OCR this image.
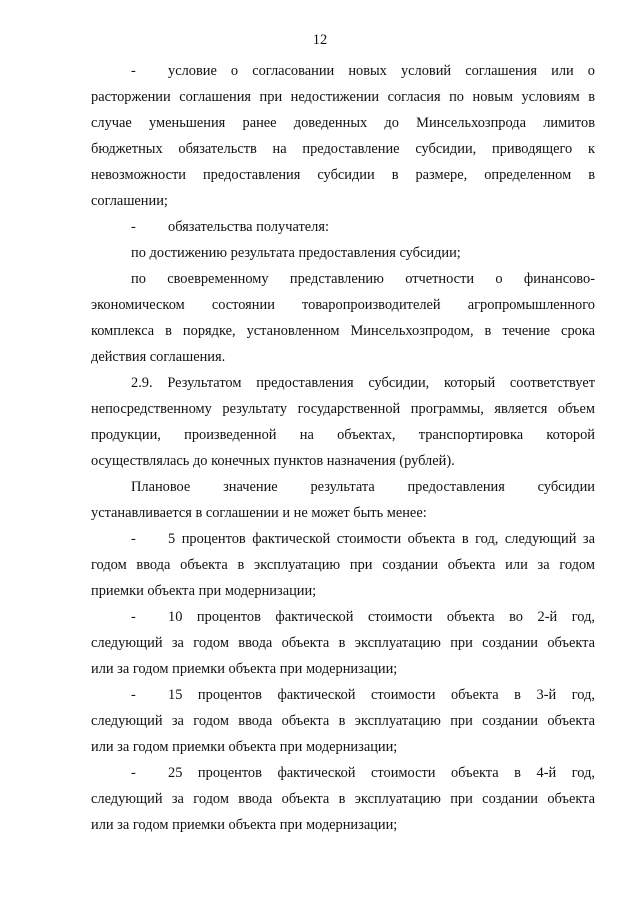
12
- условие о согласовании новых условий соглашения или о
расторжении соглашения при недостижении согласия по новым условиям в
случае уменьшения ранее доведенных до Минсельхозпрода лимитов
бюджетных обязательств на предоставление субсидии, приводящего к
невозможности предоставления субсидии в размере, определенном в
соглашении;
- обязательства получателя:
по достижению результата предоставления субсидии;
по своевременному представлению отчетности о финансово-
экономическом состоянии товаропроизводителей агропромышленного
комплекса в порядке, установленном Минсельхозпродом, в течение срока
действия соглашения.
2.9. Результатом предоставления субсидии, который соответствует
непосредственному результату государственной программы, является объем
продукции, произведенной на объектах, транспортировка которой
осуществлялась до конечных пунктов назначения (рублей).
Плановое значение результата предоставления субсидии
устанавливается в соглашении и не может быть менее:
- 5 процентов фактической стоимости объекта в год, следующий за
годом ввода объекта в эксплуатацию при создании объекта или за годом
приемки объекта при модернизации;
- 10 процентов фактической стоимости объекта во 2-й год,
следующий за годом ввода объекта в эксплуатацию при создании объекта
или за годом приемки объекта при модернизации;
- 15 процентов фактической стоимости объекта в 3-й год,
следующий за годом ввода объекта в эксплуатацию при создании объекта
или за годом приемки объекта при модернизации;
- 25 процентов фактической стоимости объекта в 4-й год,
следующий за годом ввода объекта в эксплуатацию при создании объекта
или за годом приемки объекта при модернизации;
